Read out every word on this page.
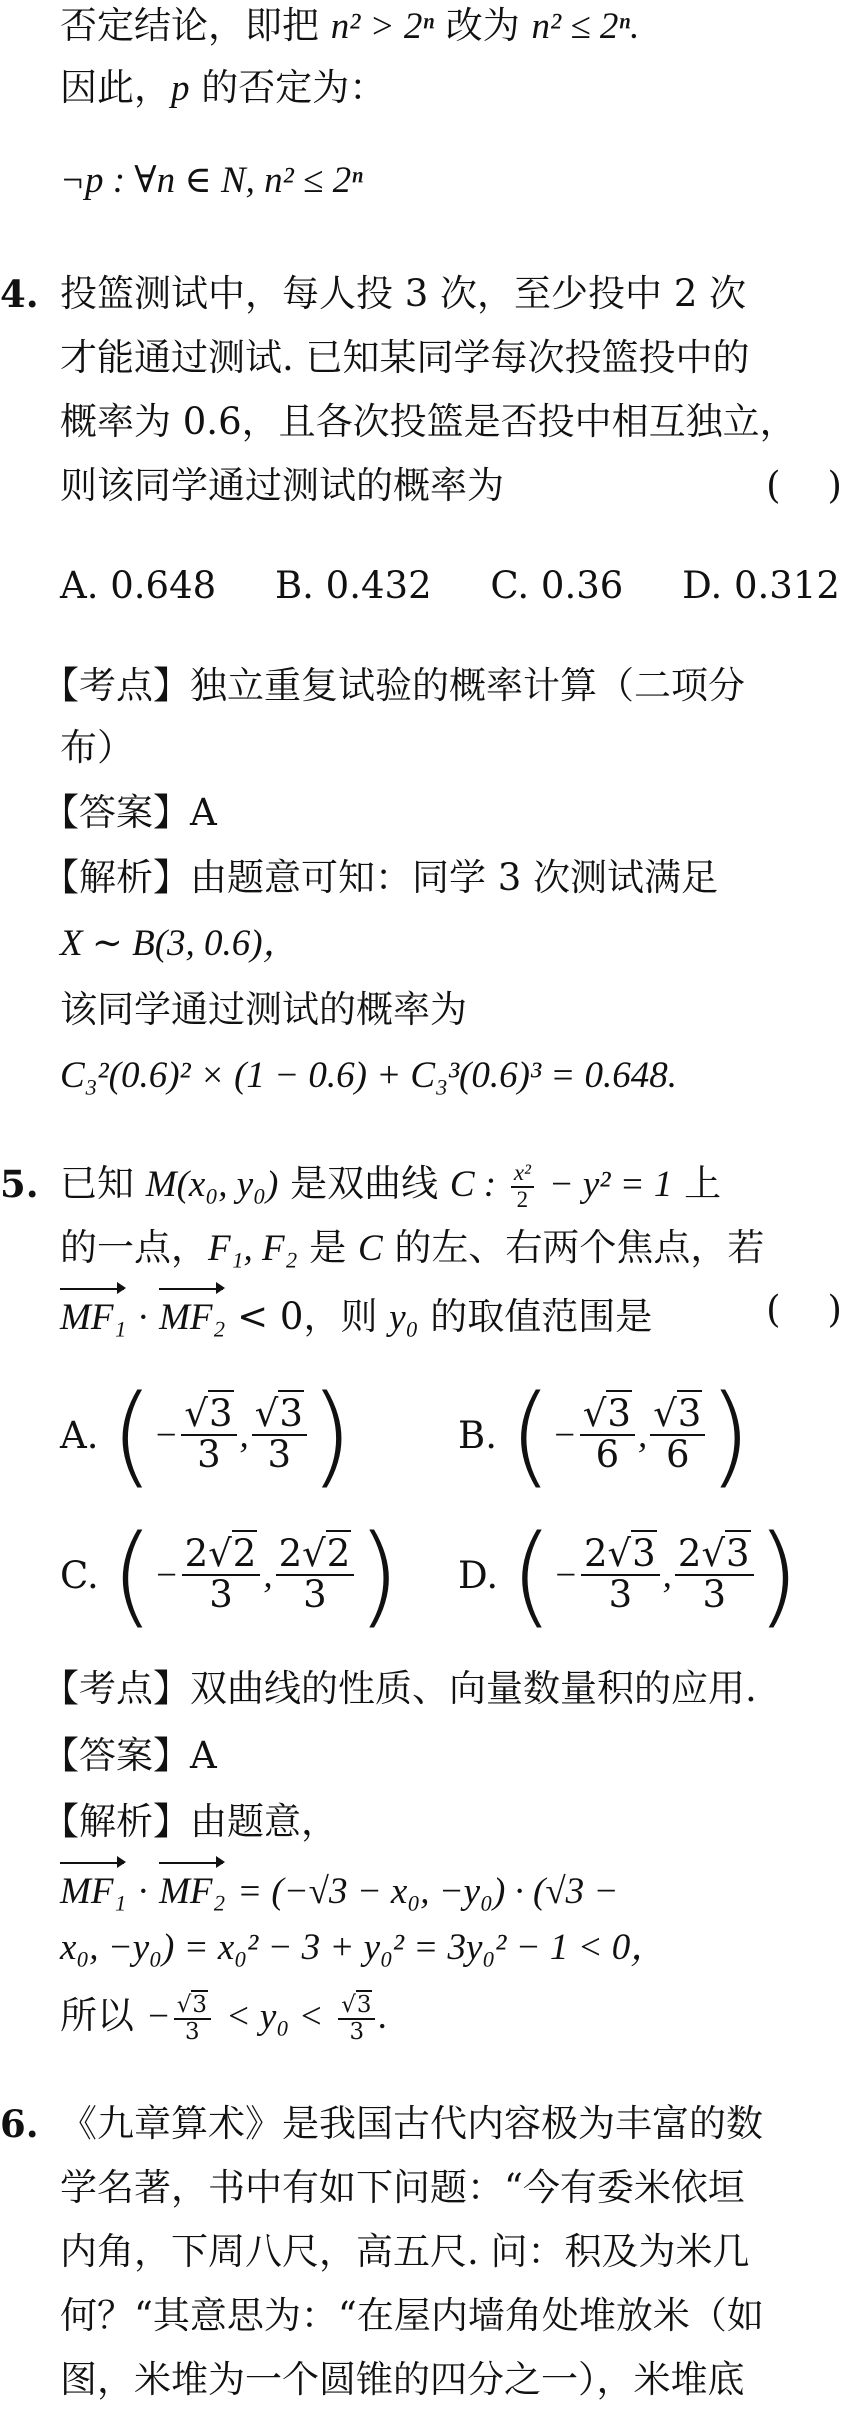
否定结论，即把 n² > 2ⁿ 改为 n² ≤ 2ⁿ.
因此，p 的否定为：
¬p : ∀n ∈ N, n² ≤ 2ⁿ
4. 投篮测试中，每人投 3 次，至少投中 2 次
才能通过测试. 已知某同学每次投篮投中的
概率为 0.6，且各次投篮是否投中相互独立，
则该同学通过测试的概率为	(    )
A. 0.648     B. 0.432     C. 0.36     D. 0.312
【考点】独立重复试验的概率计算（二项分
布）
【答案】A
【解析】由题意可知：同学 3 次测试满足
X ∼ B(3, 0.6)，
该同学通过测试的概率为
C₃²(0.6)² × (1 − 0.6) + C₃³(0.6)³ = 0.648.
5. 已知 M(x₀, y₀) 是双曲线 C : $\frac{\text{x²}}{2} - y^2 = 1$ 上
的一点，F₁, F₂ 是 C 的左、右两个焦点，若
MF₁ · MF₂ < 0，则 y₀ 的取值范围是	(    )
A. ( − $\frac{√3}{3}$ , $\frac{√3}{3}$ )	B. ( − $\frac{√3}{6}$ , $\frac{√3}{6}$ )
C. ( − $\frac{2√2}{3}$ , $\frac{2√2}{3}$ ) D. ( − $\frac{2√3}{3}$ , $\frac{2√3}{3}$ )
【考点】双曲线的性质、向量数量积的应用.
【答案】A
【解析】由题意，
MF₁ · MF₂ = (−√3 − x₀, −y₀) · (√3 −
x₀, −y₀) = x₀² − 3 + y₀² = 3y₀² − 1 < 0，
所以 − $\frac{√3}{3} < y_0 < \frac{√3}{3}$ .
6. 《九章算术》是我国古代内容极为丰富的数
学名著，书中有如下问题：“今有委米依垣
内角，下周八尺，高五尺. 问：积及为米几
何？“其意思为：“在屋内墙角处堆放米（如
图，米堆为一个圆锥的四分之一），米堆底
